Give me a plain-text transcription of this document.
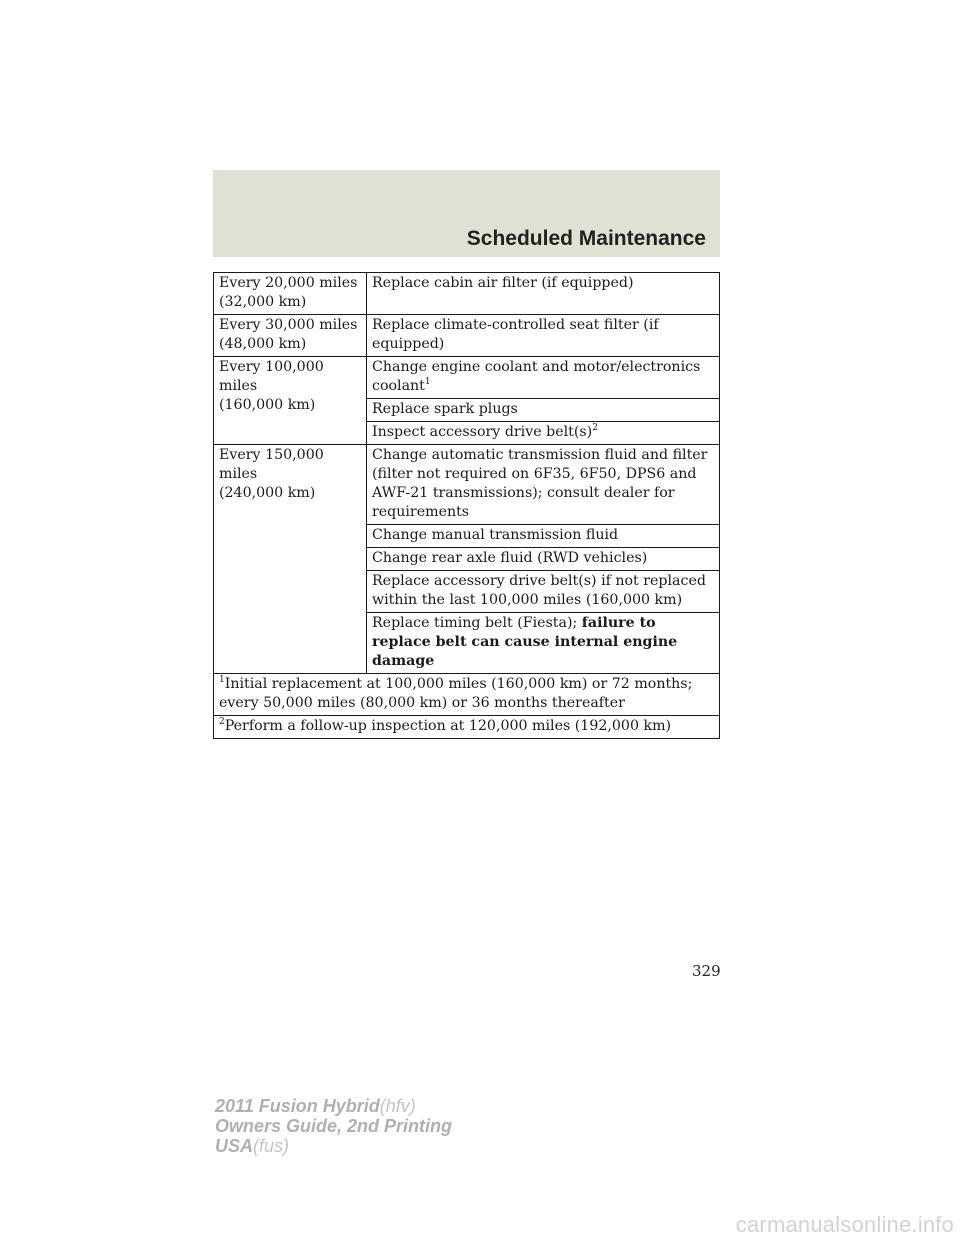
Scheduled Maintenance
Every 20,000 miles
(32,000 km)	Replace cabin air filter (if equipped)
Every 30,000 miles
(48,000 km)	Replace climate-controlled seat filter (if equipped)
Every 100,000 miles
(160,000 km)	Change engine coolant and motor/electronics coolant$^1$
	Replace spark plugs
	Inspect accessory drive $belt(s)^2$
Every 150,000 miles
(240,000 km)	Change automatic transmission fluid and filter (filter not required on 6F35, 6F50, DPS6 and AWF-21 transmissions); consult dealer for requirements
	Change manual transmission fluid
	Change rear axle fluid (RWD vehicles)
	Replace accessory drive belt(s) if not replaced within the last 100,000 miles (160,000 km)
	Replace timing belt (Fiesta); failure to replace belt can cause internal engine damage
$^1$Initial replacement at 100,000 miles (160,000 km) or 72 months; every 50,000 miles (80,000 km) or 36 months thereafter	
$^2$Perform a follow-up inspection at 120,000 miles (192,000 km)	
329
2011 Fusion Hybrid(hfv)
Owners Guide, 2nd Printing
USA(fus)
carmanualsonline.info
